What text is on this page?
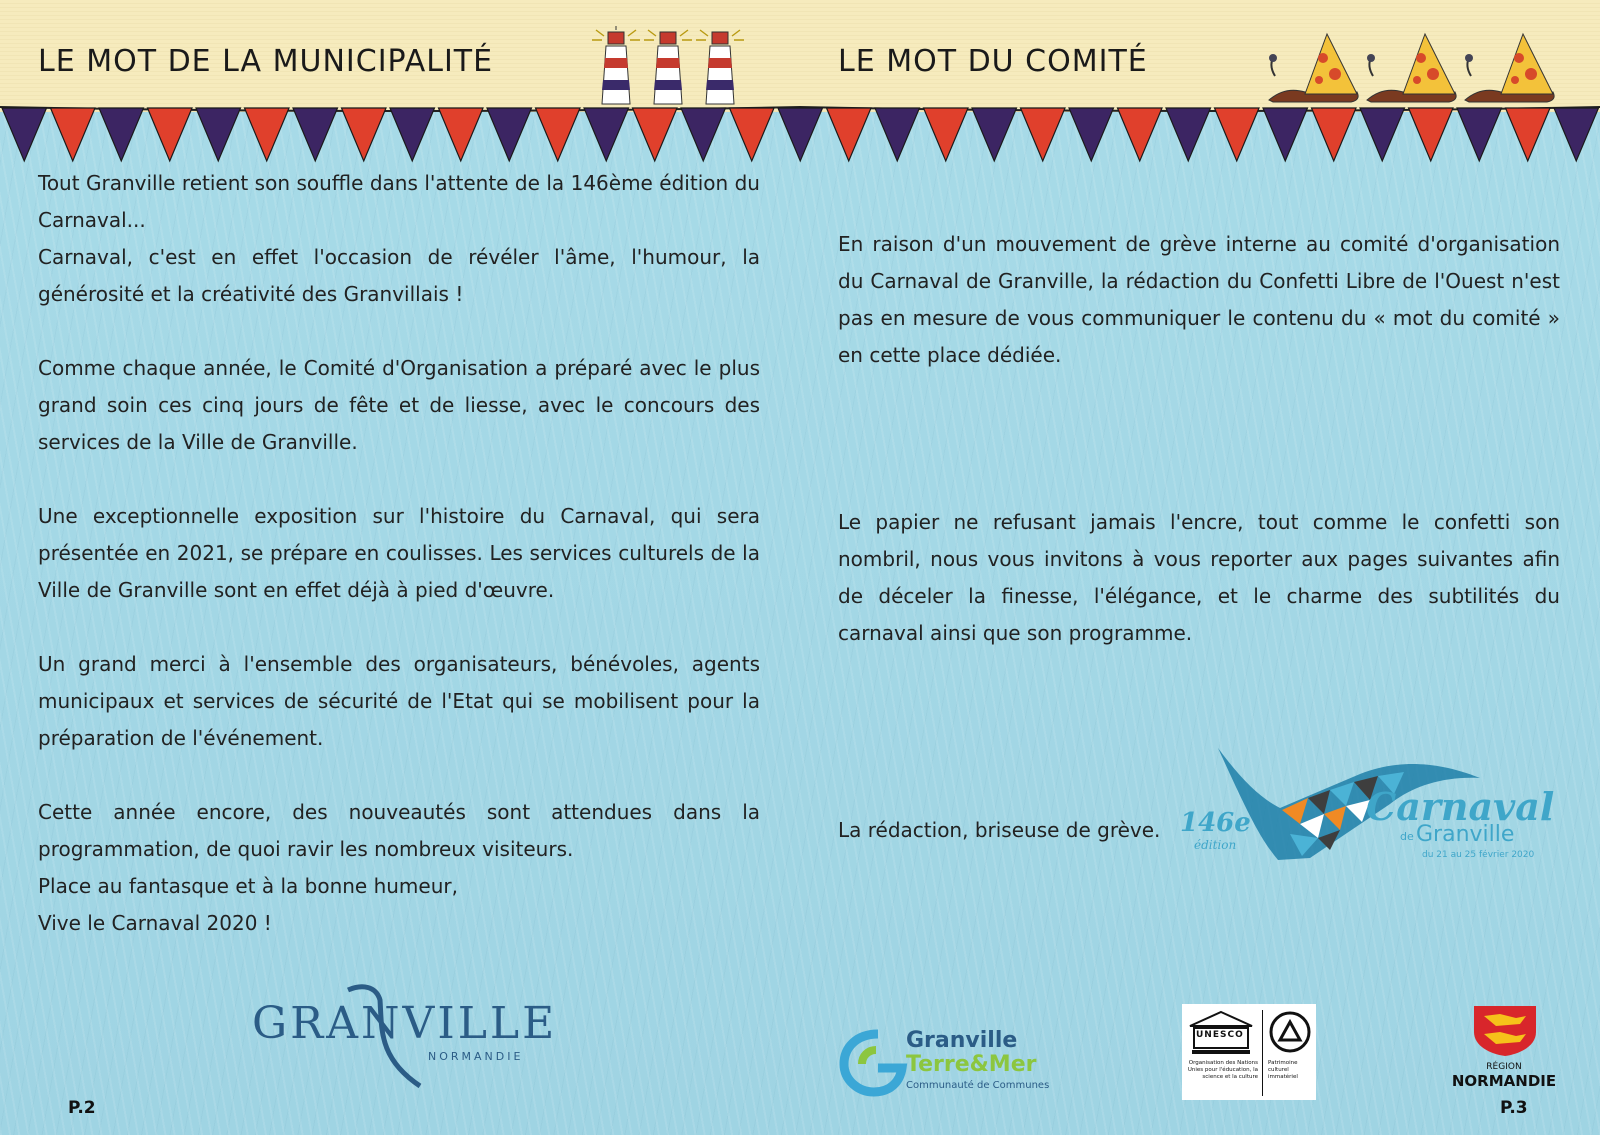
LE MOT DE LA MUNICIPALITÉ	LE MOT DU COMITÉ

Tout Granville retient son souffle dans l'attente de la 146ème édition du Carnaval...

Carnaval, c'est en effet l'occasion de révéler l'âme, l'humour, la générosité et la créativité des Granvillais !

Comme chaque année, le Comité d'Organisation a préparé avec le plus grand soin ces cinq jours de fête et de liesse, avec le concours des services de la Ville de Granville.

Une exceptionnelle exposition sur l'histoire du Carnaval, qui sera présentée en 2021, se prépare en coulisses. Les services culturels de la Ville de Granville sont en effet déjà à pied d'œuvre.

Un grand merci à l'ensemble des organisateurs, bénévoles, agents municipaux et services de sécurité de l'Etat qui se mobilisent pour la préparation de l'événement.

Cette année encore, des nouveautés sont attendues dans la programmation, de quoi ravir les nombreux visiteurs.

Place au fantasque et à la bonne humeur,

Vive le Carnaval 2020 !

En raison d'un mouvement de grève interne au comité d'organisation du Carnaval de Granville, la rédaction du Confetti Libre de l'Ouest n'est pas en mesure de vous communiquer le contenu du « mot du comité » en cette place dédiée.

Le papier ne refusant jamais l'encre, tout comme le confetti son nombril, nous vous invitons à vous reporter aux pages suivantes afin de déceler la finesse, l'élégance, et le charme des subtilités du carnaval ainsi que son programme.

La rédaction, briseuse de grève. 146e
édition
Carnaval
de Granville
du 21 au 25 février 2020
GRANVILLE
NORMANDIE
Granville
Terre&Mer
Communauté de Communes
UNESCO
Organisation des Nations Unies pour l'éducation, la science et la culture
Patrimoine culturel immatériel
RÉGION
NORMANDIE
P.2	P.3
